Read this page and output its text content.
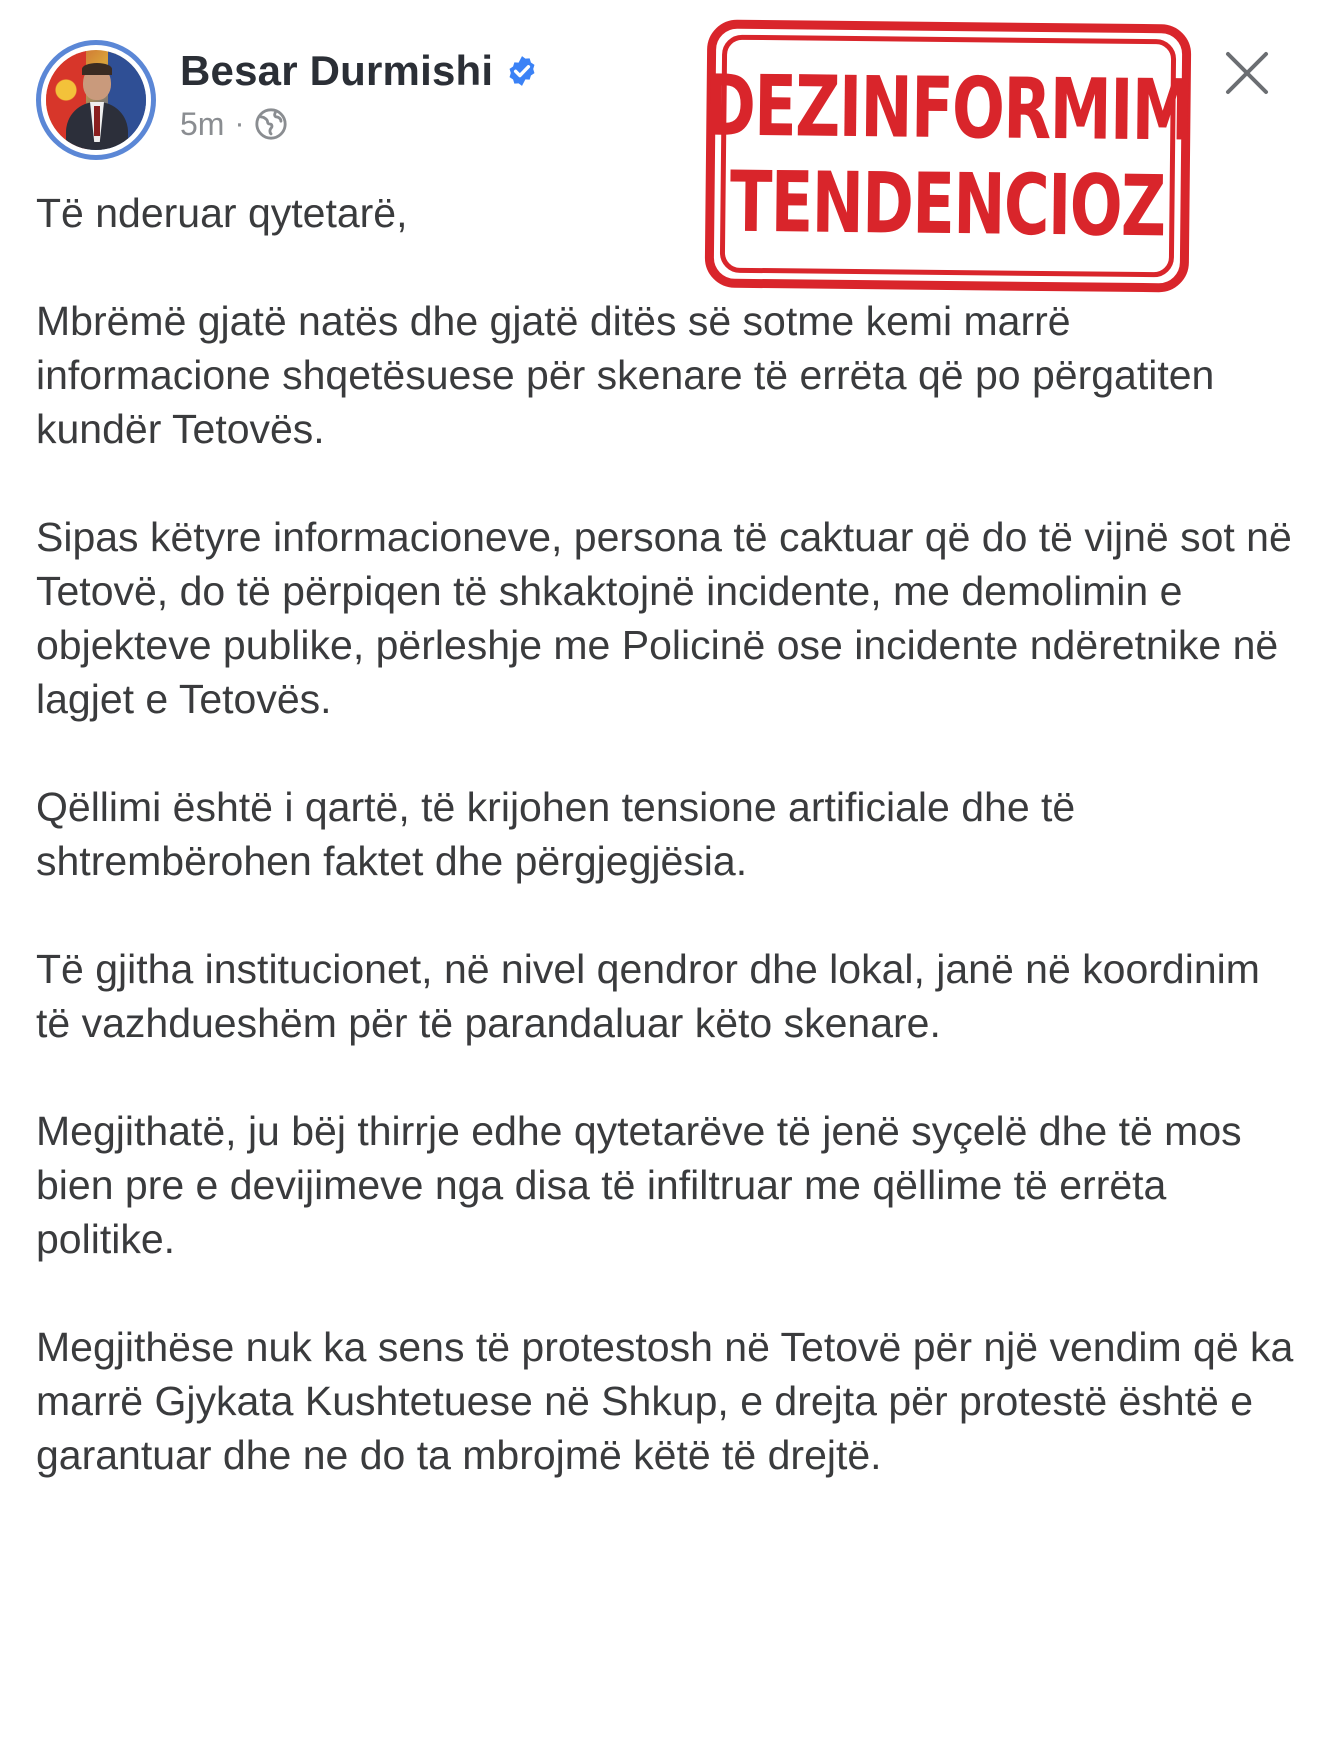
Besar Durmishi
5m ·	DEZINFORMIM
TENDENCIOZ

Të nderuar qytetarë,

Mbrëmë gjatë natës dhe gjatë ditës së sotme kemi marrë informacione shqetësuese për skenare të errëta që po përgatiten kundër Tetovës.

Sipas këtyre informacioneve, persona të caktuar që do të vijnë sot në Tetovë, do të përpiqen të shkaktojnë incidente, me demolimin e objekteve publike, përleshje me Policinë ose incidente ndëretnike në lagjet e Tetovës.

Qëllimi është i qartë, të krijohen tensione artificiale dhe të shtrembërohen faktet dhe përgjegjësia.

Të gjitha institucionet, në nivel qendror dhe lokal, janë në koordinim të vazhdueshëm për të parandaluar këto skenare.

Megjithatë, ju bëj thirrje edhe qytetarëve të jenë syçelë dhe të mos bien pre e devijimeve nga disa të infiltruar me qëllime të errëta politike.

Megjithëse nuk ka sens të protestosh në Tetovë për një vendim që ka marrë Gjykata Kushtetuese në Shkup, e drejta për protestë është e garantuar dhe ne do ta mbrojmë këtë të drejtë.
